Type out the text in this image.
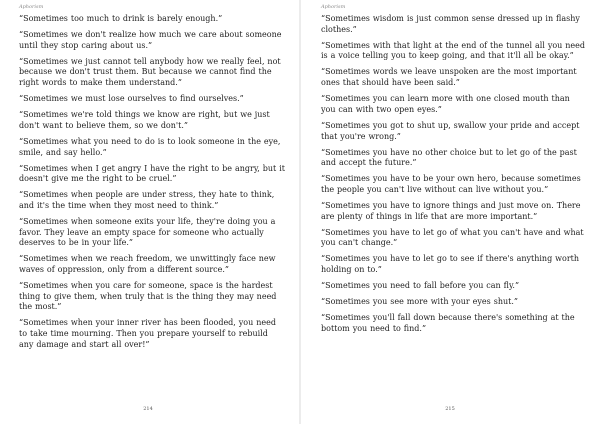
Aphorism
“Sometimes too much to drink is barely enough.”
“Sometimes we don't realize how much we care about someone until they stop caring about us.”
“Sometimes we just cannot tell anybody how we really feel, not because we don't trust them. But because we cannot find the right words to make them understand.”
“Sometimes we must lose ourselves to find ourselves.”
“Sometimes we're told things we know are right, but we just don't want to believe them, so we don't.”
“Sometimes what you need to do is to look someone in the eye, smile, and say hello.”
“Sometimes when I get angry I have the right to be angry, but it doesn't give me the right to be cruel.”
“Sometimes when people are under stress, they hate to think, and it's the time when they most need to think.”
“Sometimes when someone exits your life, they're doing you a favor. They leave an empty space for someone who actually deserves to be in your life.”
“Sometimes when we reach freedom, we unwittingly face new waves of oppression, only from a different source.”
“Sometimes when you care for someone, space is the hardest thing to give them, when truly that is the thing they may need the most.”
“Sometimes when your inner river has been flooded, you need to take time mourning. Then you prepare yourself to rebuild any damage and start all over!”
214
Aphorism
“Sometimes wisdom is just common sense dressed up in flashy clothes.”
“Sometimes with that light at the end of the tunnel all you need is a voice telling you to keep going, and that it'll all be okay.”
“Sometimes words we leave unspoken are the most important ones that should have been said.”
“Sometimes you can learn more with one closed mouth than you can with two open eyes.”
“Sometimes you got to shut up, swallow your pride and accept that you're wrong.”
“Sometimes you have no other choice but to let go of the past and accept the future.”
“Sometimes you have to be your own hero, because sometimes the people you can't live without can live without you.”
“Sometimes you have to ignore things and just move on. There are plenty of things in life that are more important.”
“Sometimes you have to let go of what you can't have and what you can't change.”
“Sometimes you have to let go to see if there's anything worth holding on to.”
“Sometimes you need to fall before you can fly.”
“Sometimes you see more with your eyes shut.”
“Sometimes you'll fall down because there's something at the bottom you need to find.”
215
